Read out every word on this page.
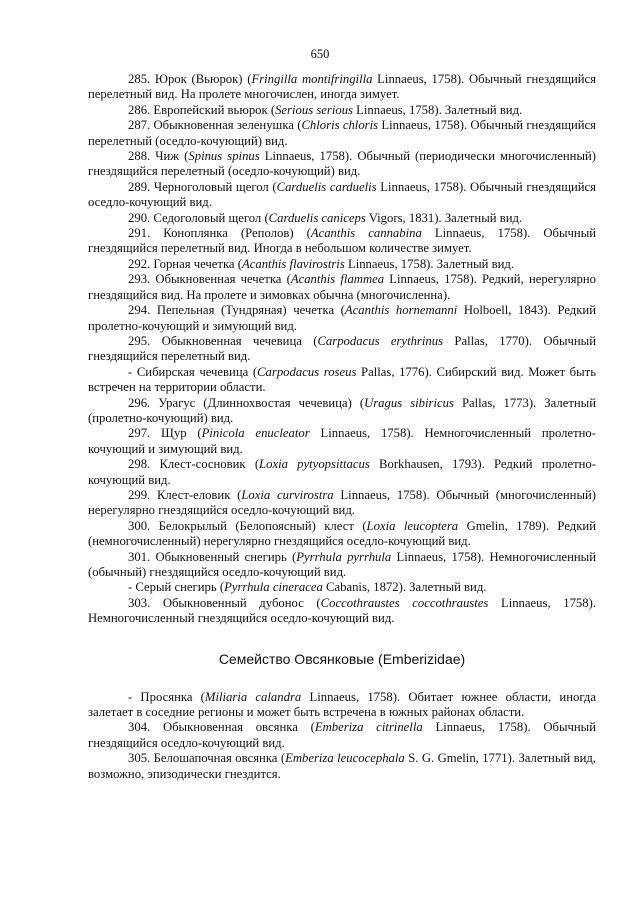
650

285. Юрок (Вьюрок) (Fringilla montifringilla Linnaeus, 1758). Обычный гнездящийся перелетный вид. На пролете многочислен, иногда зимует.

286. Европейский вьюрок (Serious serious Linnaeus, 1758). Залетный вид.

287. Обыкновенная зеленушка (Chloris chloris Linnaeus, 1758). Обычный гнездящийся перелетный (оседло-кочующий) вид.

288. Чиж (Spinus spinus Linnaeus, 1758). Обычный (периодически многочисленный) гнездящийся перелетный (оседло-кочующий) вид.

289. Черноголовый щегол (Carduelis carduelis Linnaeus, 1758). Обычный гнездящийся оседло-кочующий вид.

290. Седоголовый щегол (Carduelis caniceps Vigors, 1831). Залетный вид.

291. Коноплянка (Реполов) (Acanthis cannabina Linnaeus, 1758). Обычный гнездящийся перелетный вид. Иногда в небольшом количестве зимует.

292. Горная чечетка (Acanthis flavirostris Linnaeus, 1758). Залетный вид.

293. Обыкновенная чечетка (Acanthis flammea Linnaeus, 1758). Редкий, нерегулярно гнездящийся вид. На пролете и зимовках обычна (многочисленна).

294. Пепельная (Тундряная) чечетка (Acanthis hornemanni Holboell, 1843). Редкий пролетно-кочующий и зимующий вид.

295. Обыкновенная чечевица (Carpodacus erythrinus Pallas, 1770). Обычный гнездящийся перелетный вид.

- Сибирская чечевица (Carpodacus roseus Pallas, 1776). Сибирский вид. Может быть встречен на территории области.

296. Урагус (Длиннохвостая чечевица) (Uragus sibiricus Pallas, 1773). Залетный (пролетно-кочующий) вид.

297. Щур (Pinicola enucleator Linnaeus, 1758). Немногочисленный пролетно-кочующий и зимующий вид.

298. Клест-сосновик (Loxia pytyopsittacus Borkhausen, 1793). Редкий пролетно-кочующий вид.

299. Клест-еловик (Loxia curvirostra Linnaeus, 1758). Обычный (многочисленный) нерегулярно гнездящийся оседло-кочующий вид.

300. Белокрылый (Белопоясный) клест (Loxia leucoptera Gmelin, 1789). Редкий (немногочисленный) нерегулярно гнездящийся оседло-кочующий вид.

301. Обыкновенный снегирь (Pyrrhula pyrrhula Linnaeus, 1758). Немногочисленный (обычный) гнездящийся оседло-кочующий вид.

- Серый снегирь (Pyrrhula cineracea Cabanis, 1872). Залетный вид.

303. Обыкновенный дубонос (Coccothraustes coccothraustes Linnaeus, 1758). Немногочисленный гнездящийся оседло-кочующий вид.

Семейство Овсянковые (Emberizidae)

- Просянка (Miliaria calandra Linnaeus, 1758). Обитает южнее области, иногда залетает в соседние регионы и может быть встречена в южных районах области.

304. Обыкновенная овсянка (Emberiza citrinella Linnaeus, 1758). Обычный гнездящийся оседло-кочующий вид.

305. Белошапочная овсянка (Emberiza leucocephala S. G. Gmelin, 1771). Залетный вид, возможно, эпизодически гнездится.
